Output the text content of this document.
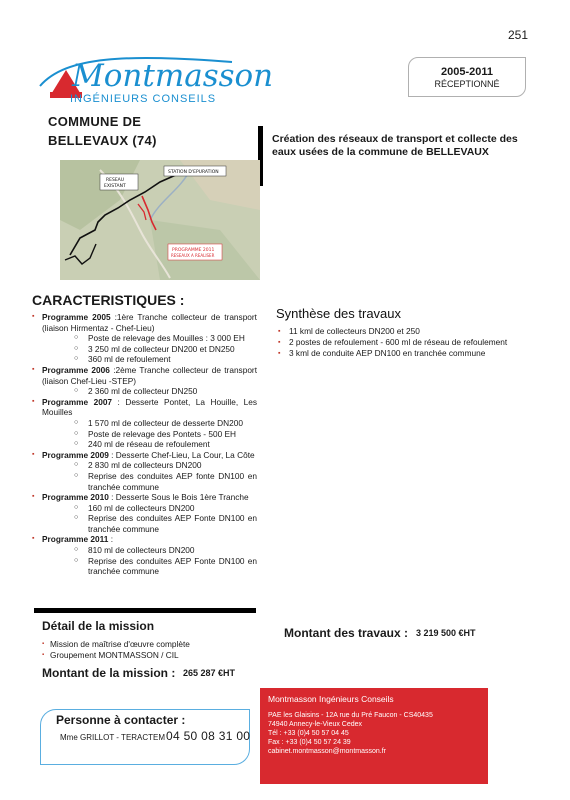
251
Montmasson
INGÉNIEURS CONSEILS
2005-2011
RÉCEPTIONNÉ
COMMUNE DE
BELLEVAUX (74)	Création des réseaux de transport et collecte des eaux usées de la commune de BELLEVAUX
RESEAU
EXISTANT
STATION D'EPURATION
PROGRAMME 2011
RESEAUX A REALISER
CARACTERISTIQUES :
▪ Programme 2005 :1ère Tranche collecteur de transport (liaison Hirmentaz - Chef-Lieu)
○ Poste de relevage des Mouilles : 3 000 EH
○ 3 250 ml de collecteur DN200 et DN250
○ 360 ml de refoulement
▪ Programme 2006 :2ème Tranche collecteur de transport (liaison Chef-Lieu -STEP)
○ 2 360 ml de collecteur DN250
▪ Programme 2007 : Desserte Pontet, La Houille, Les Mouilles
○ 1 570 ml de collecteur de desserte DN200
○ Poste de relevage des Pontets - 500 EH
○ 240 ml de réseau de refoulement
▪ Programme 2009 : Desserte Chef-Lieu, La Cour, La Côte
○ 2 830 ml de collecteurs DN200
○ Reprise des conduites AEP fonte DN100 en tranchée commune
▪ Programme 2010 : Desserte Sous le Bois 1ère Tranche
○ 160 ml de collecteurs DN200
○ Reprise des conduites AEP Fonte DN100 en tranchée commune
▪ Programme 2011 :
○ 810 ml de collecteurs DN200
○ Reprise des conduites AEP Fonte DN100 en tranchée commune
Synthèse des travaux
▪ 11 kml de collecteurs DN200 et 250
▪ 2 postes de refoulement - 600 ml de réseau de refoulement
▪ 3 kml de conduite AEP DN100 en tranchée commune
Détail de la mission
▪ Mission de maîtrise d'œuvre complète
▪ Groupement MONTMASSON / CIL
Montant de la mission : 265 287 €HT
Montant des travaux : 3 219 500 €HT
Personne à contacter :
Mme GRILLOT - TERACTEM 04 50 08 31 00
Montmasson Ingénieurs Conseils
PAE les Glaisins - 12A rue du Pré Faucon - CS40435
74940 Annecy-le-Vieux Cedex
Tél : +33 (0)4 50 57 04 45
Fax : +33 (0)4 50 57 24 39
cabinet.montmasson@montmasson.fr
